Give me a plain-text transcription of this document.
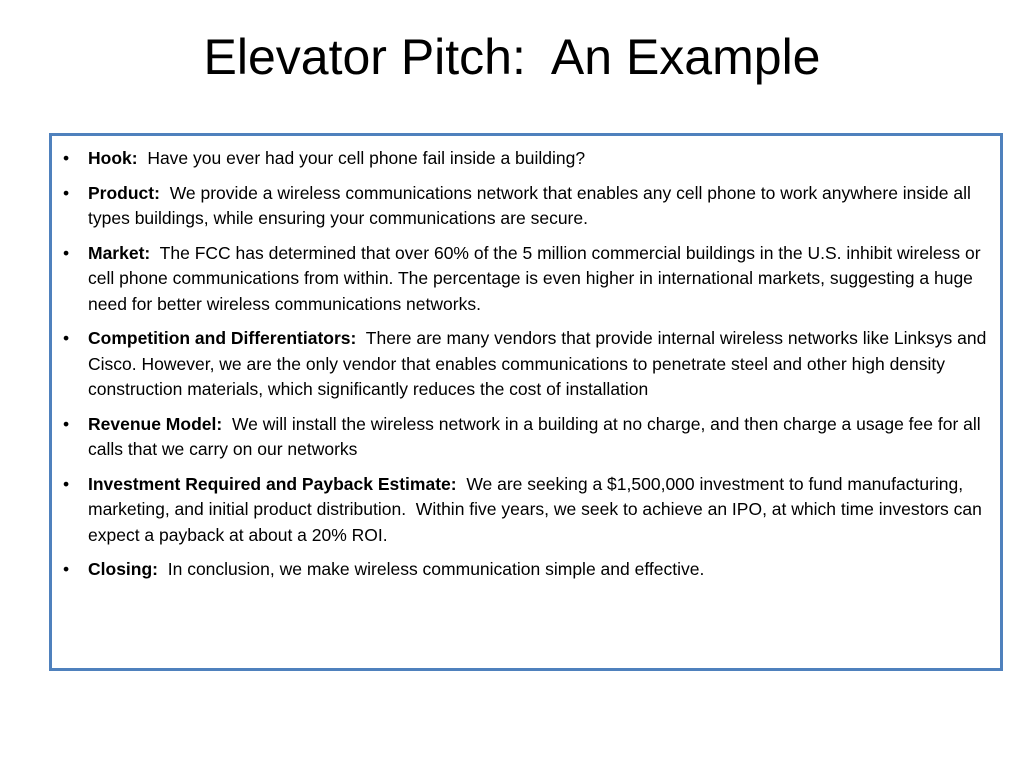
Elevator Pitch:  An Example
• Hook: Have you ever had your cell phone fail inside a building?
• Product: We provide a wireless communications network that enables any cell phone to work anywhere inside all types buildings, while ensuring your communications are secure.
• Market: The FCC has determined that over 60% of the 5 million commercial buildings in the U.S. inhibit wireless or cell phone communications from within. The percentage is even higher in international markets, suggesting a huge need for better wireless communications networks.
• Competition and Differentiators: There are many vendors that provide internal wireless networks like Linksys and Cisco. However, we are the only vendor that enables communications to penetrate steel and other high density construction materials, which significantly reduces the cost of installation
• Revenue Model: We will install the wireless network in a building at no charge, and then charge a usage fee for all calls that we carry on our networks
• Investment Required and Payback Estimate: We are seeking a $1,500,000 investment to fund manufacturing, marketing, and initial product distribution.  Within five years, we seek to achieve an IPO, at which time investors can expect a payback at about a 20% ROI.
• Closing: In conclusion, we make wireless communication simple and effective.
